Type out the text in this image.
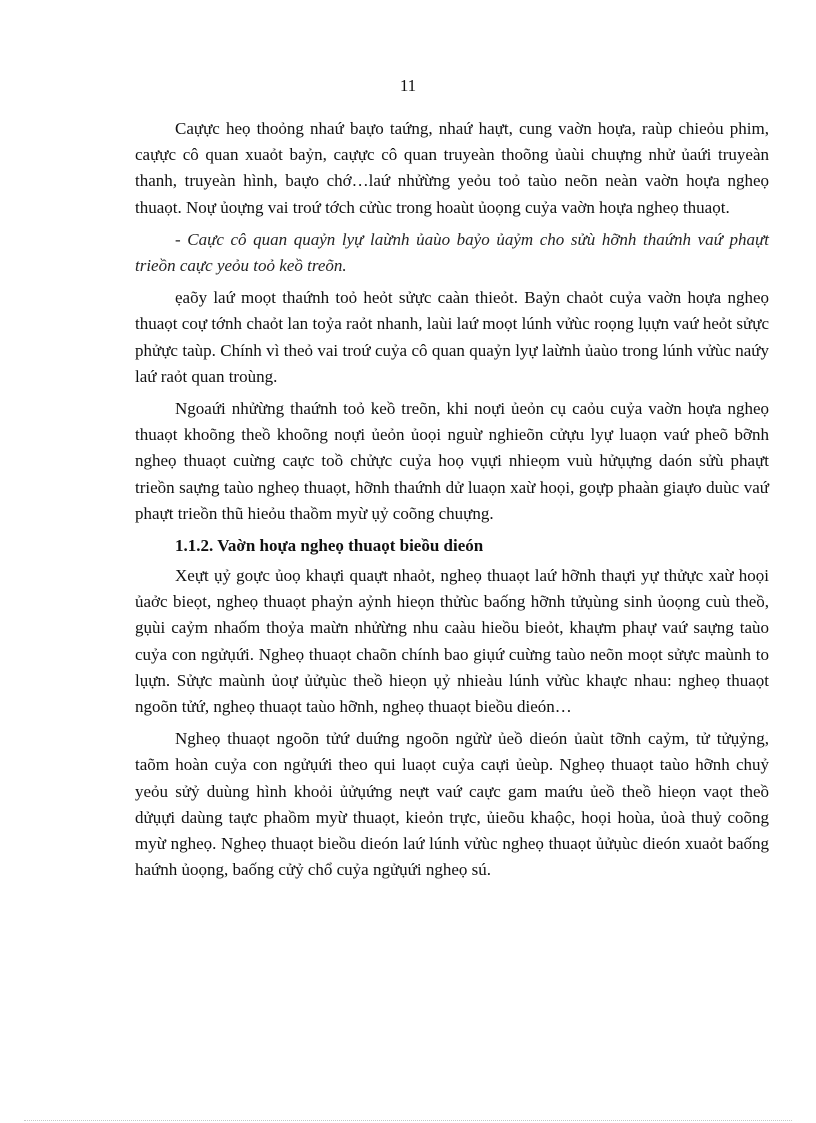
11

Caựực heọ thoỏng nhaứ baựo taứng, nhaứ haựt, cung vaờn hoựa, raùp chieỏu phim, caựực cô quan xuaỏt baỷn, caựực cô quan truyeàn thoõng ủaùi chuựng nhử ủaứi truyeàn thanh, truyeàn hình, baựo chớ…laứ nhửừng yeỏu toỏ taùo neõn neàn vaờn hoựa ngheọ thuaọt. Noự ủoựng vai troứ tớch cửùc trong hoaùt ủoọng cuỷa vaờn hoựa ngheọ thuaọt.

- Caực cô quan quaỷn lyự laừnh ủaùo baỷo ủaỷm cho sửù hỡnh thaứnh vaứ phaựt trieồn caực yeỏu toỏ keồ treõn.

ẹaõy laứ moọt thaứnh toỏ heỏt sửực caàn thieỏt. Baỷn chaỏt cuỷa vaờn hoựa ngheọ thuaọt coự tớnh chaỏt lan toỷa raỏt nhanh, laùi laứ moọt lúnh vửùc roọng lụựn vaứ heỏt sửực phửực taùp. Chính vì theỏ vai troứ cuỷa cô quan quaỷn lyự laừnh ủaùo trong lúnh vửùc naứy laứ raỏt quan troùng.

Ngoaứi nhửừng thaứnh toỏ keồ treõn, khi noựi ủeỏn cụ caỏu cuỷa vaờn hoựa ngheọ thuaọt khoõng theồ khoõng noựi ủeỏn ủoọi nguừ nghieõn cửựu lyự luaọn vaứ pheõ bỡnh ngheọ thuaọt cuừng caực toồ chửực cuỷa hoọ vụựi nhieọm vuù hửụựng daón sửù phaựt trieồn saựng taùo ngheọ thuaọt, hỡnh thaứnh dử luaọn xaừ hoọi, goựp phaàn giaựo duùc vaứ phaựt trieồn thũ hieỏu thaồm myừ ụỷ coõng chuựng.

1.1.2. Vaờn hoựa ngheọ thuaọt bieồu dieón

Xeựt ụỷ goực ủoọ khaựi quaựt nhaỏt, ngheọ thuaọt laứ hỡnh thaựi yự thửực xaừ hoọi ủaởc bieọt, ngheọ thuaọt phaỷn aỷnh hieọn thửùc baống hỡnh tửụùng sinh ủoọng cuù theồ, gụùi caỷm nhaốm thoỷa maừn nhửừng nhu caàu hieồu bieỏt, khaựm phaự vaứ saựng taùo cuỷa con ngửụứi. Ngheọ thuaọt chaõn chính bao giụứ cuừng taùo neõn moọt sửực maùnh to lụựn. Sửực maùnh ủoự ủửụùc theồ hieọn ụỷ nhieàu lúnh vửùc khaực nhau: ngheọ thuaọt ngoõn tửứ, ngheọ thuaọt taùo hỡnh, ngheọ thuaọt bieồu dieón…

Ngheọ thuaọt ngoõn tửứ duứng ngoõn ngửừ ủeồ dieón ủaùt tỡnh caỷm, tử tửụỷng, taõm hoàn cuỷa con ngửụứi theo qui luaọt cuỷa caựi ủeùp. Ngheọ thuaọt taùo hỡnh chuỷ yeỏu sửỷ duùng hình khoỏi ủửụứng neựt vaứ caực gam maứu ủeồ theồ hieọn vaọt theồ dửụựi daùng taực phaồm myừ thuaọt, kieỏn trực, ủieõu khaộc, hoọi hoùa, ủoà thuỷ coõng myừ ngheọ. Ngheọ thuaọt bieồu dieón laứ lúnh vửùc ngheọ thuaọt ủửụùc dieón xuaỏt baống haứnh ủoọng, baống cửỷ chổ cuỷa ngửụứi ngheọ sú.
